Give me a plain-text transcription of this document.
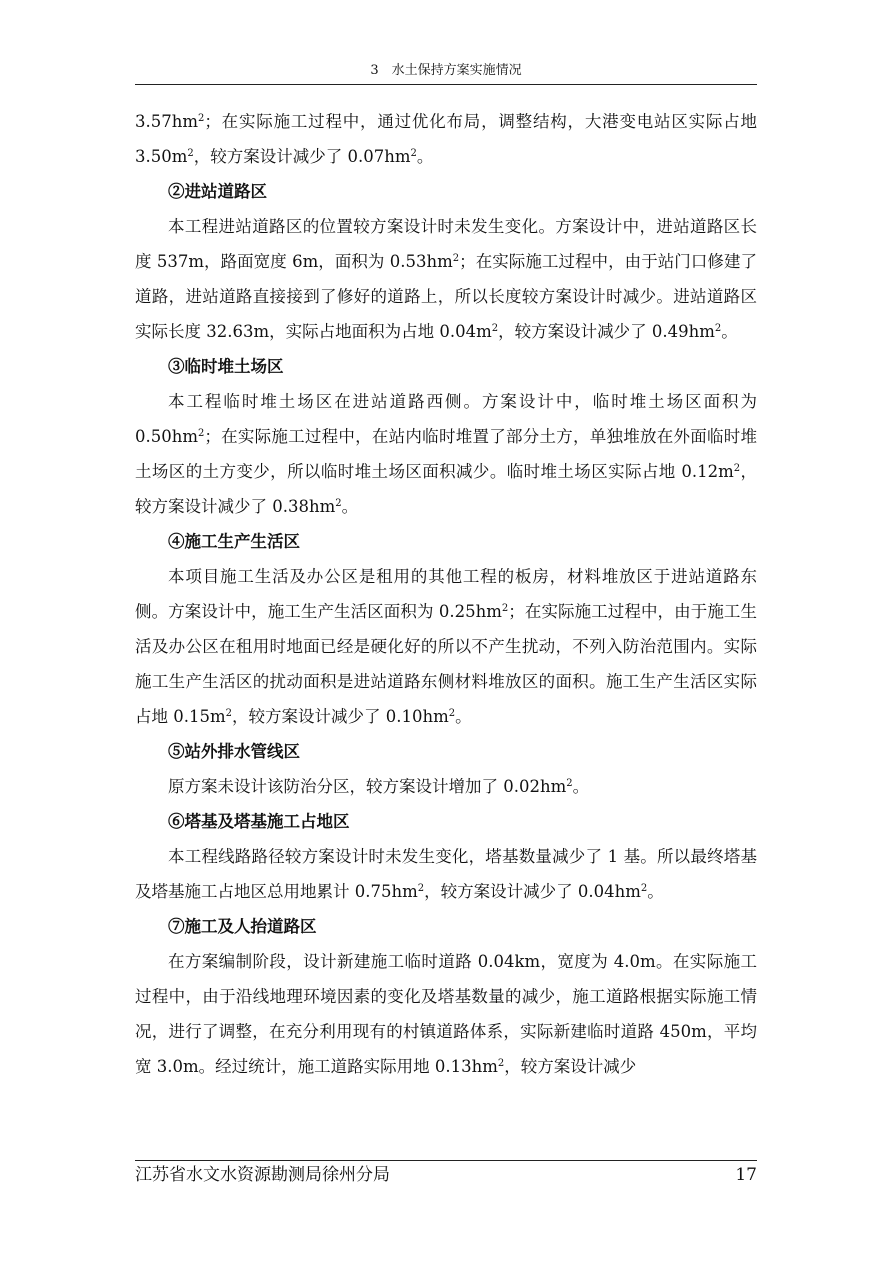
3　水土保持方案实施情况

$3.57hm^2$；在实际施工过程中，通过优化布局，调整结构，大港变电站区实际占地 $3.50m^2$，较方案设计减少了 $0.07hm^2$。

②进站道路区

本工程进站道路区的位置较方案设计时未发生变化。方案设计中，进站道路区长度 537m，路面宽度 6m，面积为 $0.53hm^2$；在实际施工过程中，由于站门口修建了道路，进站道路直接接到了修好的道路上，所以长度较方案设计时减少。进站道路区实际长度 32.63m，实际占地面积为占地 $0.04m^2$，较方案设计减少了 $0.49hm^2$。

③临时堆土场区

本工程临时堆土场区在进站道路西侧。方案设计中，临时堆土场区面积为 $0.50hm^2$；在实际施工过程中，在站内临时堆置了部分土方，单独堆放在外面临时堆土场区的土方变少，所以临时堆土场区面积减少。临时堆土场区实际占地 $0.12m^2$，较方案设计减少了 $0.38hm^2$。

④施工生产生活区

本项目施工生活及办公区是租用的其他工程的板房，材料堆放区于进站道路东侧。方案设计中，施工生产生活区面积为 $0.25hm^2$；在实际施工过程中，由于施工生活及办公区在租用时地面已经是硬化好的所以不产生扰动，不列入防治范围内。实际施工生产生活区的扰动面积是进站道路东侧材料堆放区的面积。施工生产生活区实际占地 $0.15m^2$，较方案设计减少了 $0.10hm^2$。

⑤站外排水管线区

原方案未设计该防治分区，较方案设计增加了 $0.02hm^2$。

⑥塔基及塔基施工占地区

本工程线路路径较方案设计时未发生变化，塔基数量减少了 1 基。所以最终塔基及塔基施工占地区总用地累计 $0.75hm^2$，较方案设计减少了 $0.04hm^2$。

⑦施工及人抬道路区

在方案编制阶段，设计新建施工临时道路 0.04km，宽度为 4.0m。在实际施工过程中，由于沿线地理环境因素的变化及塔基数量的减少，施工道路根据实际施工情况，进行了调整，在充分利用现有的村镇道路体系，实际新建临时道路 450m，平均宽 3.0m。经过统计，施工道路实际用地 $0.13hm^2$，较方案设计减少

江苏省水文水资源勘测局徐州分局	17
